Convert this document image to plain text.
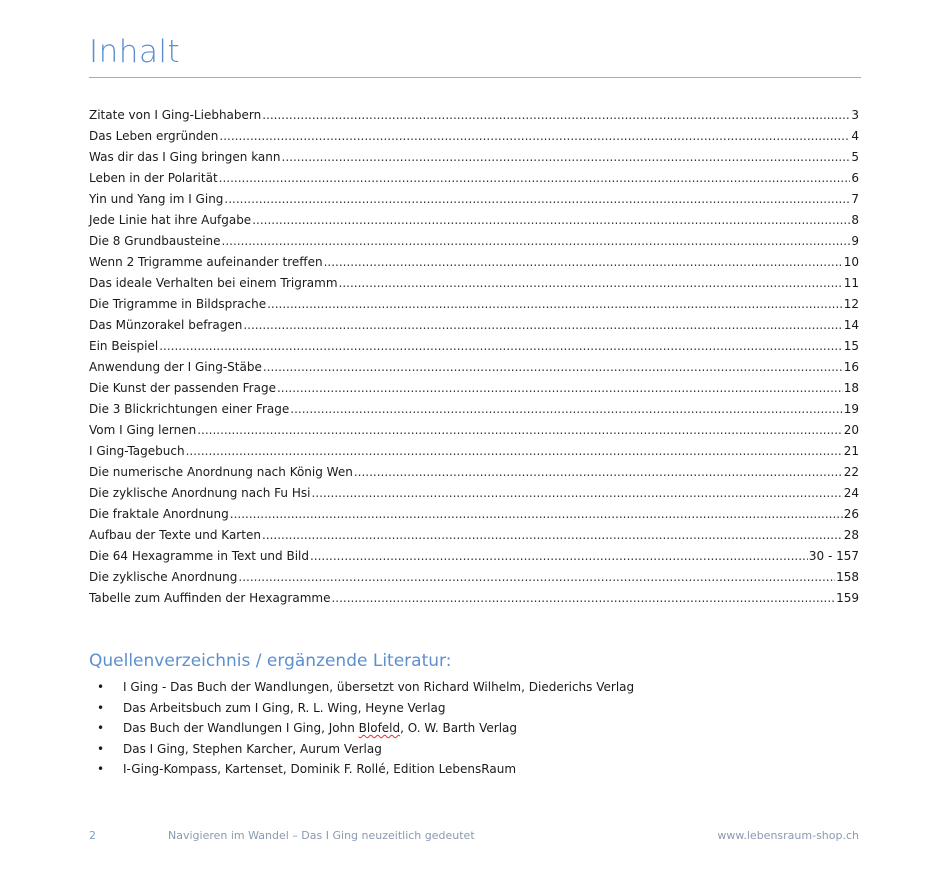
Inhalt
Zitate von I Ging-Liebhabern .....	3
Das Leben ergründen .....	4
Was dir das I Ging bringen kann .....	5
Leben in der Polarität .....	6
Yin und Yang im I Ging .....	7
Jede Linie hat ihre Aufgabe .....	8
Die 8 Grundbausteine .....	9
Wenn 2 Trigramme aufeinander treffen .....	10
Das ideale Verhalten bei einem Trigramm .....	11
Die Trigramme in Bildsprache .....	12
Das Münzorakel befragen .....	14
Ein Beispiel .....	15
Anwendung der I Ging-Stäbe .....	16
Die Kunst der passenden Frage .....	18
Die 3 Blickrichtungen einer Frage .....	19
Vom I Ging lernen .....	20
I Ging-Tagebuch .....	21
Die numerische Anordnung nach König Wen .....	22
Die zyklische Anordnung nach Fu Hsi .....	24
Die fraktale Anordnung .....	26
Aufbau der Texte und Karten .....	28
Die 64 Hexagramme in Text und Bild .....	30 - 157
Die zyklische Anordnung .....	158
Tabelle zum Auffinden der Hexagramme .....	159
Quellenverzeichnis / ergänzende Literatur:
• I Ging - Das Buch der Wandlungen, übersetzt von Richard Wilhelm, Diederichs Verlag
• Das Arbeitsbuch zum I Ging, R. L. Wing, Heyne Verlag
• Das Buch der Wandlungen I Ging, John Blofeld, O. W. Barth Verlag
• Das I Ging, Stephen Karcher, Aurum Verlag
• I-Ging-Kompass, Kartenset, Dominik F. Rollé, Edition LebensRaum
2	Navigieren im Wandel – Das I Ging neuzeitlich gedeutet	www.lebensraum-shop.ch
